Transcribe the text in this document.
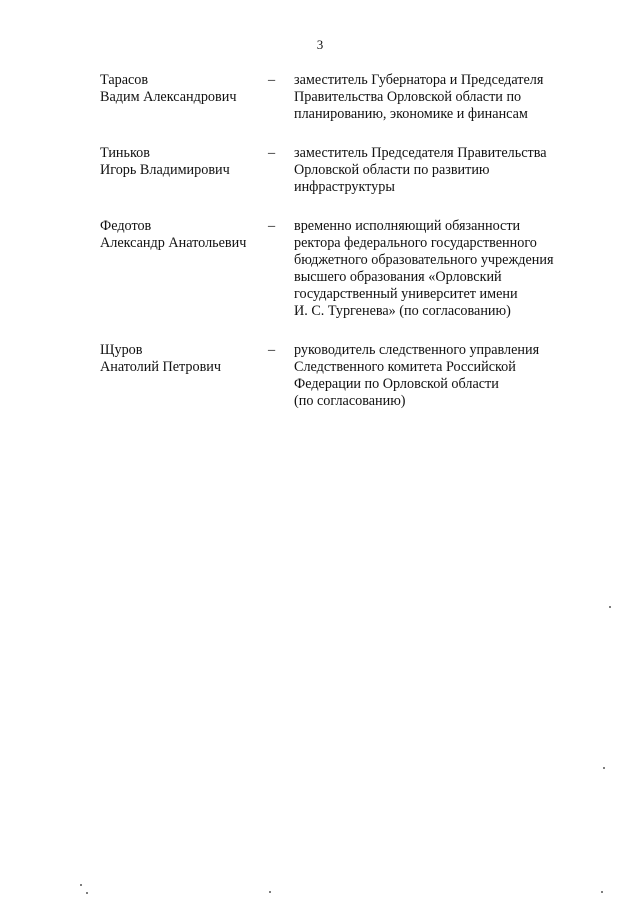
3
Тарасов
Вадим Александрович
–	заместитель Губернатора и Председателя
Правительства Орловской области по
планированию, экономике и финансам
Тиньков
Игорь Владимирович
–	заместитель Председателя Правительства
Орловской области по развитию
инфраструктуры
Федотов
Александр Анатольевич
–	временно исполняющий обязанности
ректора федерального государственного
бюджетного образовательного учреждения
высшего образования «Орловский
государственный университет имени
И. С. Тургенева» (по согласованию)
Щуров
Анатолий Петрович
–	руководитель следственного управления
Следственного комитета Российской
Федерации по Орловской области
(по согласованию)
